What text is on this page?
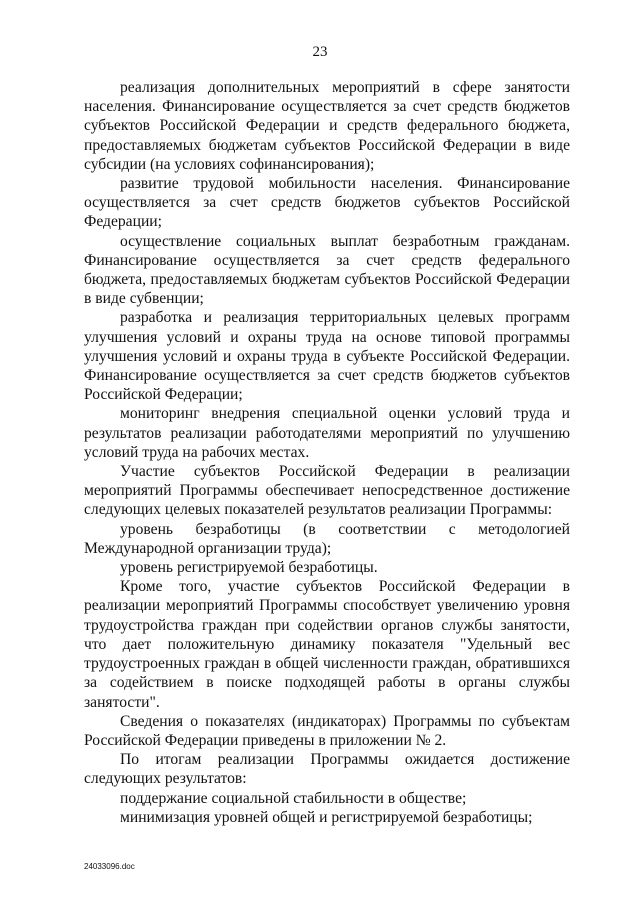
23

реализация дополнительных мероприятий в сфере занятости населения. Финансирование осуществляется за счет средств бюджетов субъектов Российской Федерации и средств федерального бюджета, предоставляемых бюджетам субъектов Российской Федерации в виде субсидии (на условиях софинансирования);

развитие трудовой мобильности населения. Финансирование осуществляется за счет средств бюджетов субъектов Российской Федерации;

осуществление социальных выплат безработным гражданам. Финансирование осуществляется за счет средств федерального бюджета, предоставляемых бюджетам субъектов Российской Федерации в виде субвенции;

разработка и реализация территориальных целевых программ улучшения условий и охраны труда на основе типовой программы улучшения условий и охраны труда в субъекте Российской Федерации. Финансирование осуществляется за счет средств бюджетов субъектов Российской Федерации;

мониторинг внедрения специальной оценки условий труда и результатов реализации работодателями мероприятий по улучшению условий труда на рабочих местах.

Участие субъектов Российской Федерации в реализации мероприятий Программы обеспечивает непосредственное достижение следующих целевых показателей результатов реализации Программы:

уровень безработицы (в соответствии с методологией Международной организации труда);

уровень регистрируемой безработицы.

Кроме того, участие субъектов Российской Федерации в реализации мероприятий Программы способствует увеличению уровня трудоустройства граждан при содействии органов службы занятости, что дает положительную динамику показателя "Удельный вес трудоустроенных граждан в общей численности граждан, обратившихся за содействием в поиске подходящей работы в органы службы занятости".

Сведения о показателях (индикаторах) Программы по субъектам Российской Федерации приведены в приложении № 2.

По итогам реализации Программы ожидается достижение следующих результатов:

поддержание социальной стабильности в обществе;

минимизация уровней общей и регистрируемой безработицы;

24033096.doc
